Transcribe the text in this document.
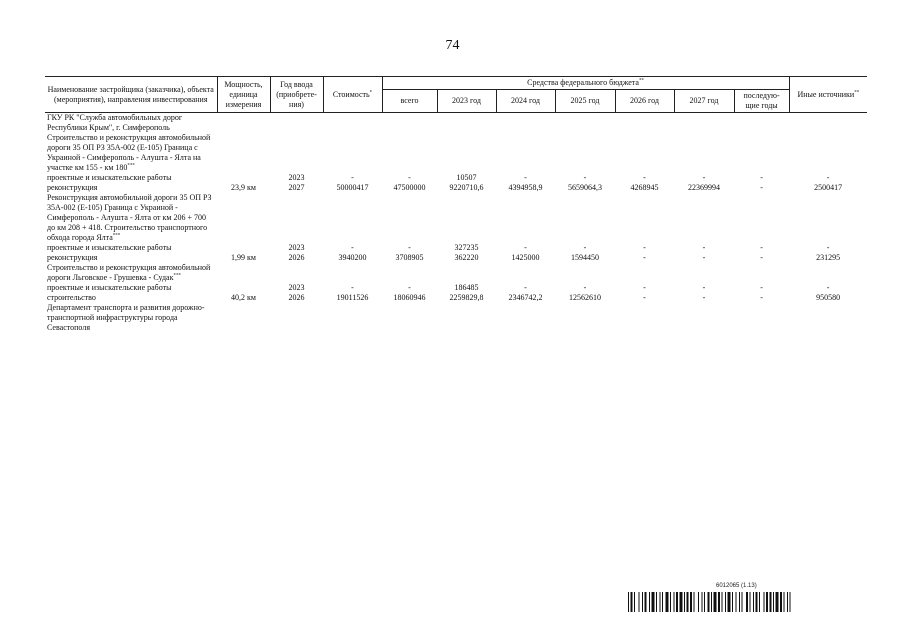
74
Наименование застройщика (заказчика), объекта (мероприятия), направления инвестирования	Мощность, единица измерения	Год ввода (приобрете- ния)	Стоимость*	Средства федерального бюджета**							Иные источники**
				всего	2023 год	2024 год	2025 год	2026 год	2027 год	последую- щие годы	
ГКУ РК "Служба автомобильных дорог Республики Крым", г. Симферополь											
Строительство и реконструкция автомобильной дороги 35 ОП РЗ 35А-002 (Е-105) Граница с Украиной - Симферополь - Алушта - Ялта на участке км 155 - км 180***											
проектные и изыскательские работы		2023	-	-	10507	-	-	-	-	-	-
реконструкция	23,9 км	2027	50000417	47500000	9220710,6	4394958,9	5659064,3	4268945	22369994	-	2500417
Реконструкция автомобильной дороги 35 ОП РЗ 35А-002 (Е-105) Граница с Украиной - Симферополь - Алушта - Ялта от км 206 + 700 до км 208 + 418. Строительство транспортного обхода города Ялта***											
проектные и изыскательские работы		2023	-	-	327235	-	-	-	-	-	-
реконструкция	1,99 км	2026	3940200	3708905	362220	1425000	1594450	-	-	-	231295
Строительство и реконструкция автомобильной дороги Льговское - Грушевка - Судак***											
проектные и изыскательские работы		2023	-	-	186485	-	-	-	-	-	-
строительство	40,2 км	2026	19011526	18060946	2259829,8	2346742,2	12562610	-	-	-	950580
Департамент транспорта и развития дорожно-транспортной инфраструктуры города Севастополя											
6012065 (1.13)
